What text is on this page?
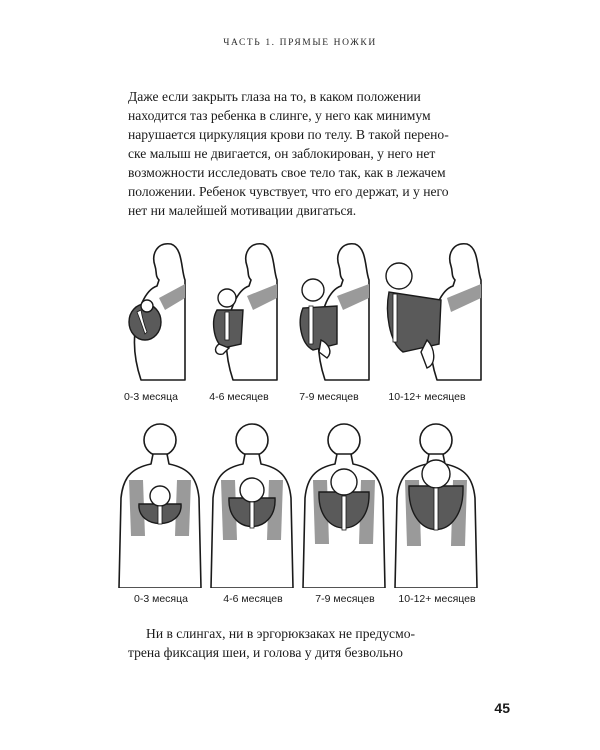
ЧАСТЬ 1. ПРЯМЫЕ НОЖКИ
Даже если закрыть глаза на то, в каком положении
находится таз ребенка в слинге, у него как минимум
нарушается циркуляция крови по телу. В такой перено-
ске малыш не двигается, он заблокирован, у него нет
возможности исследовать свое тело так, как в лежачем
положении. Ребенок чувствует, что его держат, и у него
нет ни малейшей мотивации двигаться.
0-3 месяца	4-6 месяцев	7-9 месяцев	10-12+ месяцев
0-3 месяца	4-6 месяцев	7-9 месяцев	10-12+ месяцев
Ни в слингах, ни в эргорюкзаках не предусмо-
трена фиксация шеи, и голова у дитя безвольно
45
